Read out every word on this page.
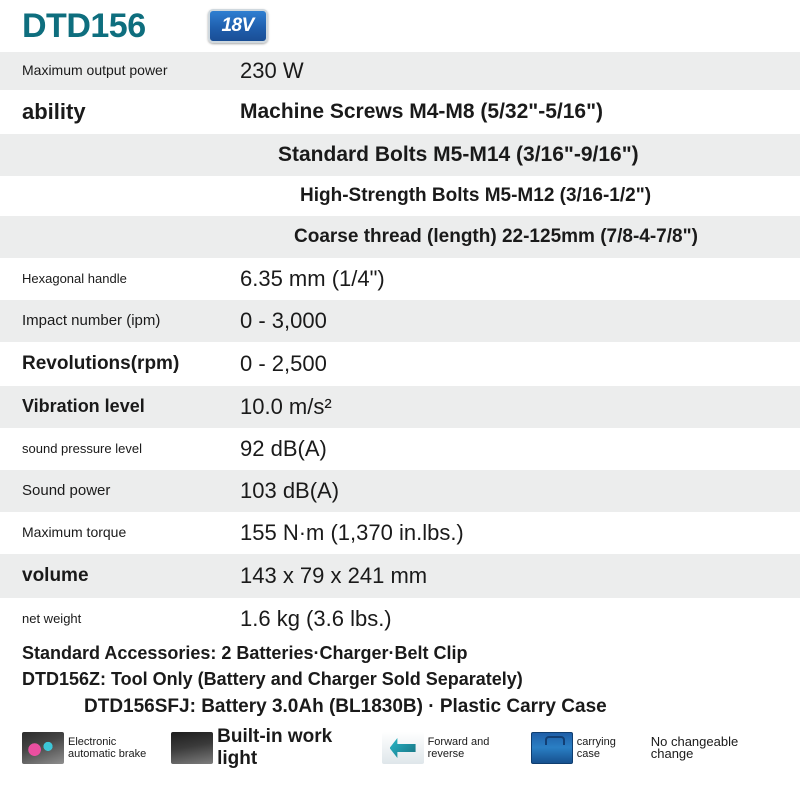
DTD156	18V
Maximum output power	230 W
ability	Machine Screws M4-M8 (5/32"-5/16")
Standard Bolts M5-M14 (3/16"-9/16")
High-Strength Bolts M5-M12 (3/16-1/2")
Coarse thread (length) 22-125mm (7/8-4-7/8")
Hexagonal handle	6.35 mm (1/4")
Impact number (ipm)	0 - 3,000
Revolutions(rpm)	0 - 2,500
Vibration level	10.0 m/s²
sound pressure level	92 dB(A)
Sound power	103 dB(A)
Maximum torque	155 N·m (1,370 in.lbs.)
volume	143 x 79 x 241 mm
net weight	1.6 kg (3.6 lbs.)
Standard Accessories: 2 Batteries·Charger·Belt Clip
DTD156Z: Tool Only (Battery and Charger Sold Separately)
DTD156SFJ: Battery 3.0Ah (BL1830B) · Plastic Carry Case
Electronic automatic brake
Built-in work light
Forward and reverse
carrying case
No changeable change
